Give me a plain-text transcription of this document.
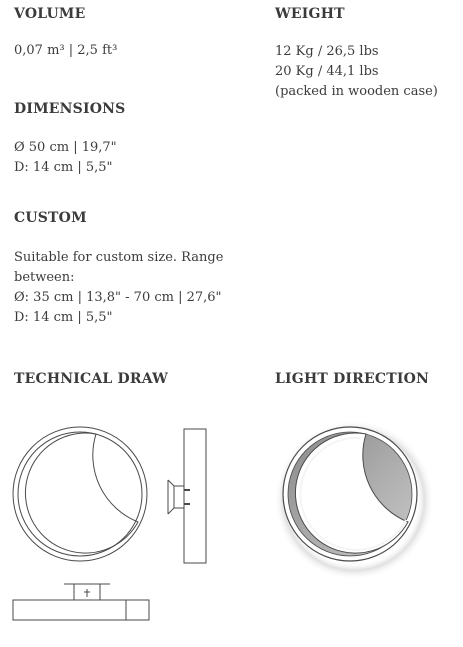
VOLUME
0,07 m³ | 2,5 ft³
WEIGHT
12 Kg / 26,5 lbs
20 Kg / 44,1 lbs
(packed in wooden case)
DIMENSIONS
Ø 50 cm | 19,7"
D: 14 cm | 5,5"
CUSTOM
Suitable for custom size. Range
between:
Ø: 35 cm | 13,8" - 70 cm | 27,6"
D: 14 cm | 5,5"
TECHNICAL DRAW	LIGHT DIRECTION
